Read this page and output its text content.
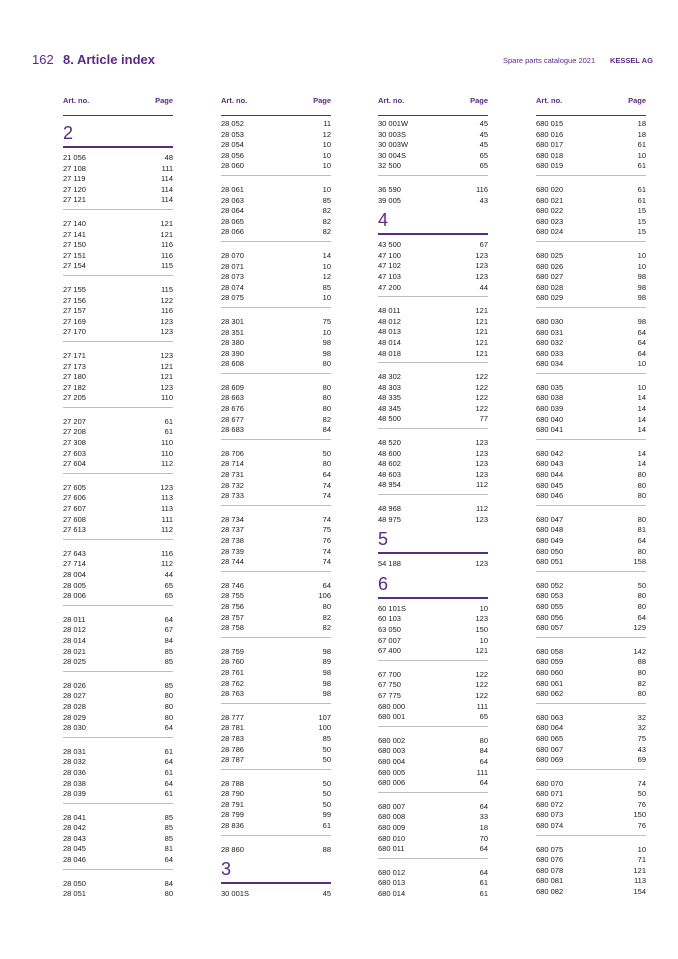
162 8. Article index	Spare parts catalogue 2021 KESSEL AG
Art. no.	Page
2
21 056	48
27 108	111
27 119	114
27 120	114
27 121	114
27 140	121
27 141	121
27 150	116
27 151	116
27 154	115
27 155	115
27 156	122
27 157	116
27 169	123
27 170	123
27 171	123
27 173	121
27 180	121
27 182	123
27 205	110
27 207	61
27 208	61
27 308	110
27 603	110
27 604	112
27 605	123
27 606	113
27 607	113
27 608	111
27 613	112
27 643	116
27 714	112
28 004	44
28 005	65
28 006	65
28 011	64
28 012	67
28 014	84
28 021	85
28 025	85
28 026	85
28 027	80
28 028	80
28 029	80
28 030	64
28 031	61
28 032	64
28 036	61
28 038	64
28 039	61
28 041	85
28 042	85
28 043	85
28 045	81
28 046	64
28 050	84
28 051	80
Art. no.	Page
28 052	11
28 053	12
28 054	10
28 056	10
28 060	10
28 061	10
28 063	85
28 064	82
28 065	82
28 066	82
28 070	14
28 071	10
28 073	12
28 074	85
28 075	10
28 301	75
28 351	10
28 380	98
28 390	98
28 608	80
28 609	80
28 663	80
28 676	80
28 677	82
28 683	84
28 706	50
28 714	80
28 731	64
28 732	74
28 733	74
28 734	74
28 737	75
28 738	76
28 739	74
28 744	74
28 746	64
28 755	106
28 756	80
28 757	82
28 758	82
28 759	98
28 760	89
28 761	98
28 762	98
28 763	98
28 777	107
28 781	100
28 783	85
28 786	50
28 787	50
28 788	50
28 790	50
28 791	50
28 799	99
28 836	61
28 860	88
3
30 001S	45
Art. no.	Page
30 001W	45
30 003S	45
30 003W	45
30 004S	65
32 500	65
36 590	116
39 005	43
4
43 500	67
47 100	123
47 102	123
47 103	123
47 200	44
48 011	121
48 012	121
48 013	121
48 014	121
48 018	121
48 302	122
48 303	122
48 335	122
48 345	122
48 500	77
48 520	123
48 600	123
48 602	123
48 603	123
48 954	112
48 968	112
48 975	123
5
54 188	123
6
60 101S	10
60 103	123
63 050	150
67 007	10
67 400	121
67 700	122
67 750	122
67 775	122
680 000	111
680 001	65
680 002	80
680 003	84
680 004	64
680 005	111
680 006	64
680 007	64
680 008	33
680 009	18
680 010	70
680 011	64
680 012	64
680 013	61
680 014	61
Art. no.	Page
680 015	18
680 016	18
680 017	61
680 018	10
680 019	61
680 020	61
680 021	61
680 022	15
680 023	15
680 024	15
680 025	10
680 026	10
680 027	98
680 028	98
680 029	98
680 030	98
680 031	64
680 032	64
680 033	64
680 034	10
680 035	10
680 038	14
680 039	14
680 040	14
680 041	14
680 042	14
680 043	14
680 044	80
680 045	80
680 046	80
680 047	80
680 048	81
680 049	64
680 050	80
680 051	158
680 052	50
680 053	80
680 055	80
680 056	64
680 057	129
680 058	142
680 059	88
680 060	80
680 061	82
680 062	80
680 063	32
680 064	32
680 065	75
680 067	43
680 069	69
680 070	74
680 071	50
680 072	76
680 073	150
680 074	76
680 075	10
680 076	71
680 078	121
680 081	113
680 082	154
